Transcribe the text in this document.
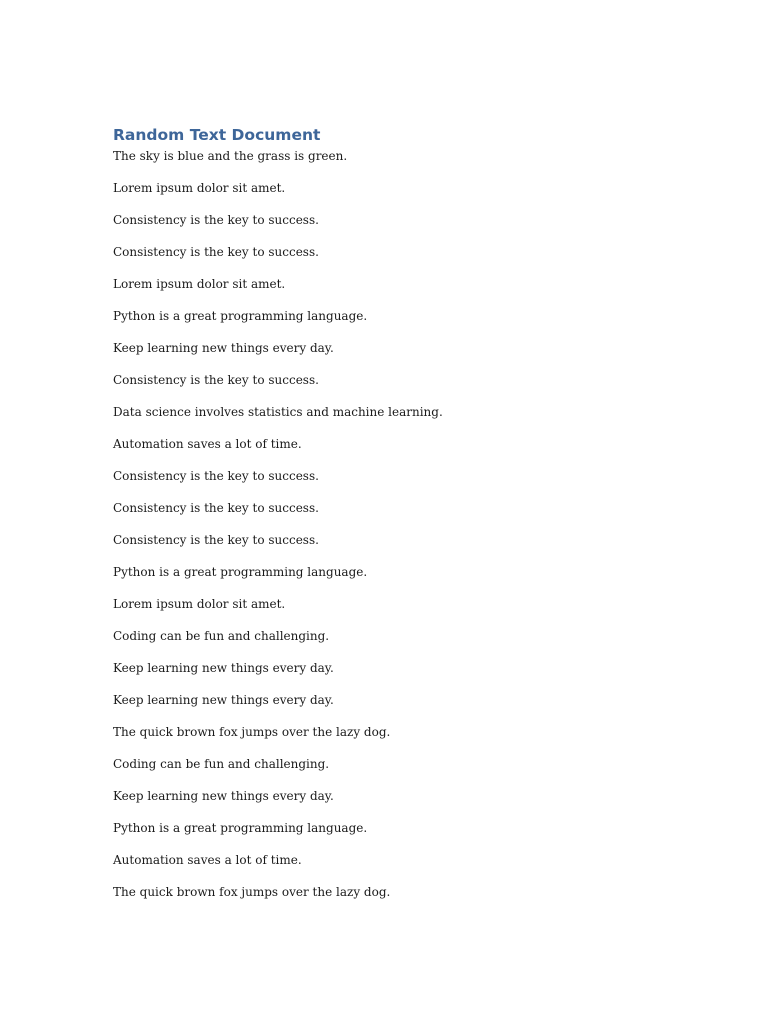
Random Text Document
The sky is blue and the grass is green.
Lorem ipsum dolor sit amet.
Consistency is the key to success.
Consistency is the key to success.
Lorem ipsum dolor sit amet.
Python is a great programming language.
Keep learning new things every day.
Consistency is the key to success.
Data science involves statistics and machine learning.
Automation saves a lot of time.
Consistency is the key to success.
Consistency is the key to success.
Consistency is the key to success.
Python is a great programming language.
Lorem ipsum dolor sit amet.
Coding can be fun and challenging.
Keep learning new things every day.
Keep learning new things every day.
The quick brown fox jumps over the lazy dog.
Coding can be fun and challenging.
Keep learning new things every day.
Python is a great programming language.
Automation saves a lot of time.
The quick brown fox jumps over the lazy dog.
